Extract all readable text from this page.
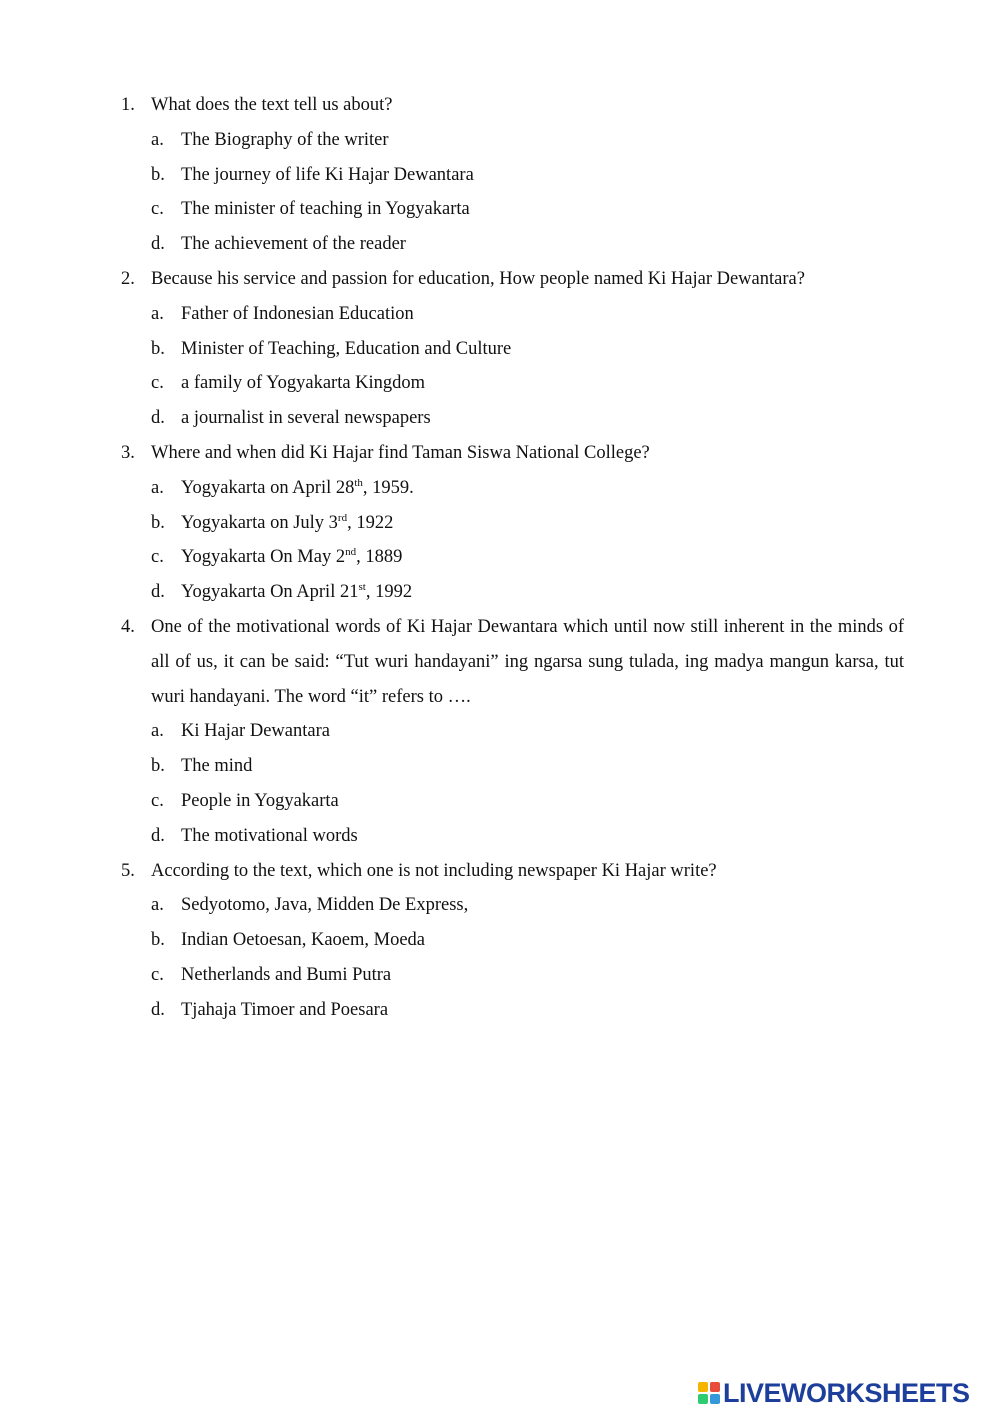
1. What does the text tell us about?
a. The Biography of the writer
b. The journey of life Ki Hajar Dewantara
c. The minister of teaching in Yogyakarta
d. The achievement of the reader
2. Because his service and passion for education, How people named Ki Hajar Dewantara?
a. Father of Indonesian Education
b. Minister of Teaching, Education and Culture
c. a family of Yogyakarta Kingdom
d. a journalist in several newspapers
3. Where and when did Ki Hajar find Taman Siswa National College?
a. Yogyakarta on April 28th, 1959.
b. Yogyakarta on July 3rd, 1922
c. Yogyakarta On May 2nd, 1889
d. Yogyakarta On April 21st, 1992
4. One of the motivational words of Ki Hajar Dewantara which until now still inherent in the minds of all of us, it can be said: “Tut wuri handayani” ing ngarsa sung tulada, ing madya mangun karsa, tut wuri handayani. The word “it” refers to ….
a. Ki Hajar Dewantara
b. The mind
c. People in Yogyakarta
d. The motivational words
5. According to the text, which one is not including newspaper Ki Hajar write?
a. Sedyotomo, Java, Midden De Express,
b. Indian Oetoesan, Kaoem, Moeda
c. Netherlands and Bumi Putra
d. Tjahaja Timoer and Poesara
LIVEWORKSHEETS
